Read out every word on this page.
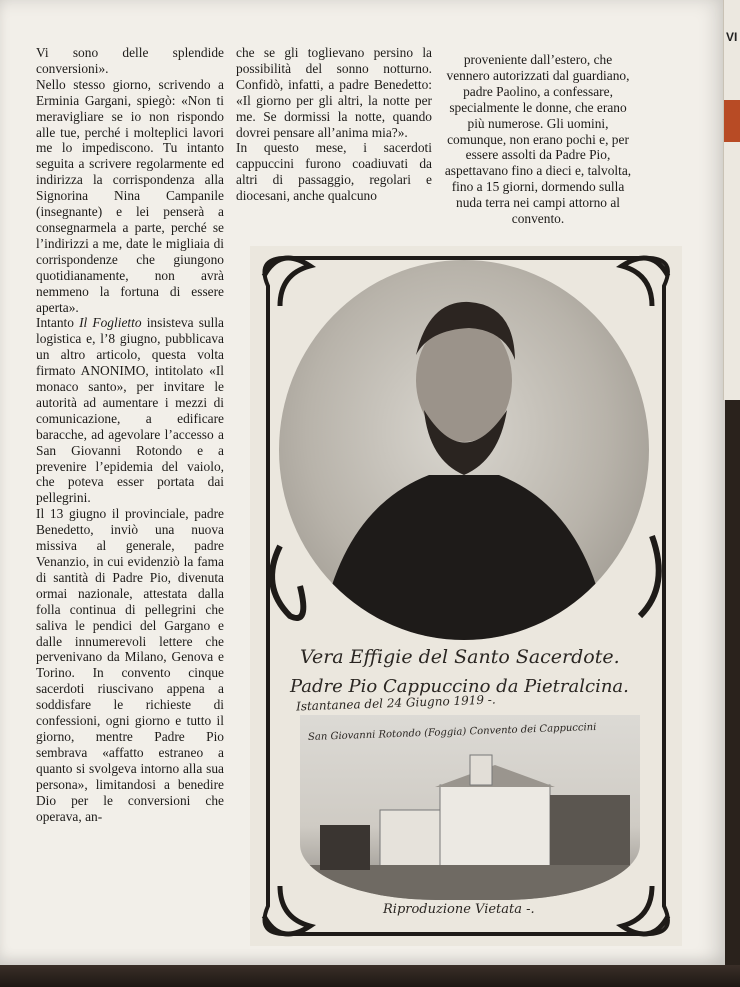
VI

Vi sono delle splendide conversioni».

Nello stesso giorno, scrivendo a Erminia Gargani, spiegò: «Non ti meravigliare se io non rispondo alle tue, perché i molteplici lavori me lo impediscono. Tu intanto seguita a scrivere regolarmente ed indirizza la corrispondenza alla Signorina Nina Campanile (insegnante) e lei penserà a consegnarmela a parte, perché se l’indirizzi a me, date le migliaia di corrispondenze che giungono quotidianamente, non avrà nemmeno la fortuna di essere aperta».

Intanto Il Foglietto insisteva sulla logistica e, l’8 giugno, pubblicava un altro articolo, questa volta firmato ANONIMO, intitolato «Il monaco santo», per invitare le autorità ad aumentare i mezzi di comunicazione, a edificare baracche, ad agevolare l’accesso a San Giovanni Rotondo e a prevenire l’epidemia del vaiolo, che poteva esser portata dai pellegrini.

Il 13 giugno il provinciale, padre Benedetto, inviò una nuova missiva al generale, padre Venanzio, in cui evidenziò la fama di santità di Padre Pio, divenuta ormai nazionale, attestata dalla folla continua di pellegrini che saliva le pendici del Gargano e dalle innumerevoli lettere che pervenivano da Milano, Genova e Torino. In convento cinque sacerdoti riuscivano appena a soddisfare le richieste di confessioni, ogni giorno e tutto il giorno, mentre Padre Pio sembrava «affatto estraneo a quanto si svolgeva intorno alla sua persona», limitandosi a benedire Dio per le conversioni che operava, an-

che se gli toglievano persino la possibilità del sonno notturno. Confidò, infatti, a padre Benedetto: «Il giorno per gli altri, la notte per me. Se dormissi la notte, quando dovrei pensare all’anima mia?».

In questo mese, i sacerdoti cappuccini furono coadiuvati da altri di passaggio, regolari e diocesani, anche qualcuno

proveniente dall’estero, che vennero autorizzati dal guardiano, padre Paolino, a confessare, specialmente le donne, che erano più numerose. Gli uomini, comunque, non erano pochi e, per essere assolti da Padre Pio, aspettavano fino a dieci e, talvolta, fino a 15 giorni, dormendo sulla nuda terra nei campi attorno al convento.

Vera Effigie del Santo Sacerdote.
Padre Pio Cappuccino da Pietralcina.
Istantanea del 24 Giugno 1919 -.
San Giovanni Rotondo (Foggia) Convento dei Cappuccini
Riproduzione Vietata -.
